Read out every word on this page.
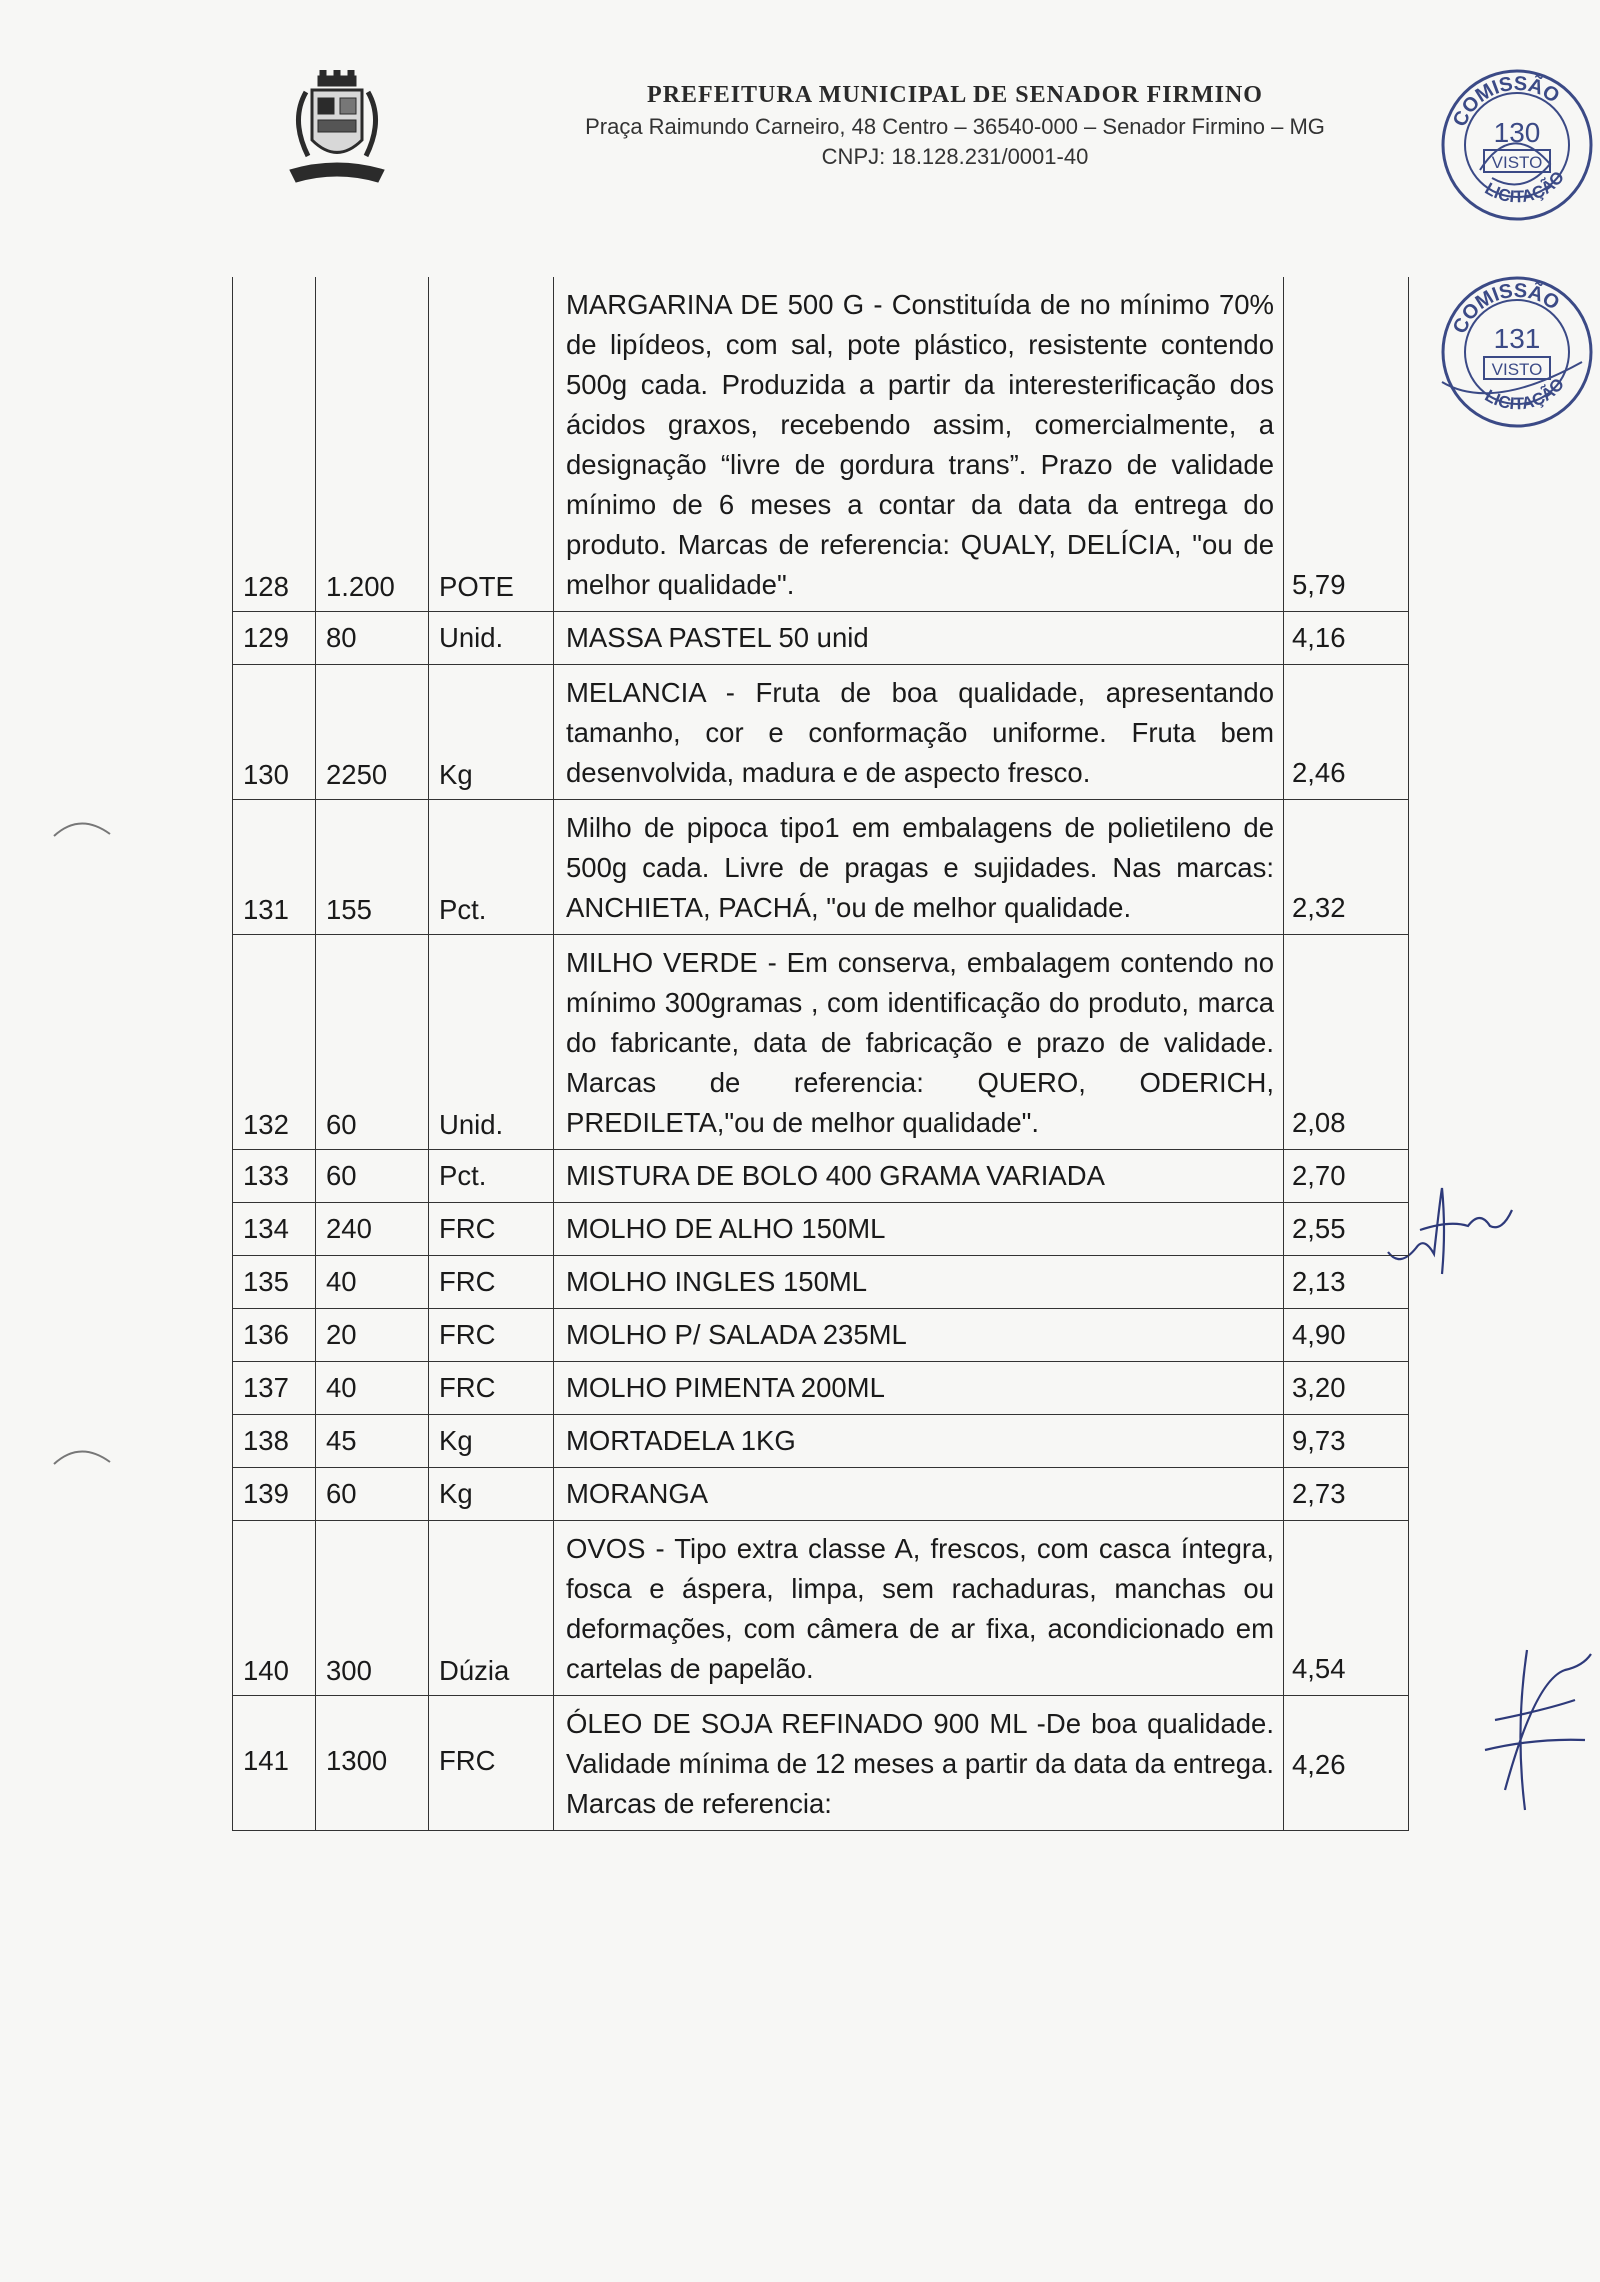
PREFEITURA MUNICIPAL DE SENADOR FIRMINO
Praça Raimundo Carneiro, 48 Centro – 36540-000 – Senador Firmino – MG
CNPJ: 18.128.231/0001-40
COMISSÃO
130
VISTO
LICITAÇÃO
COMISSÃO
131
VISTO
LICITAÇÃO
128	1.200	POTE	MARGARINA DE 500 G - Constituída de no mínimo 70% de lipídeos, com sal, pote plástico, resistente contendo 500g cada. Produzida a partir da interesterificação dos ácidos graxos, recebendo assim, comercialmente, a designação “livre de gordura trans”. Prazo de validade mínimo de 6 meses a contar da data da entrega do produto. Marcas de referencia: QUALY, DELÍCIA, "ou de melhor qualidade".	5,79
129	80	Unid.	MASSA PASTEL 50 unid	4,16
130	2250	Kg	MELANCIA - Fruta de boa qualidade, apresentando tamanho, cor e conformação uniforme. Fruta bem desenvolvida, madura e de aspecto fresco.	2,46
131	155	Pct.	Milho de pipoca tipo1 em embalagens de polietileno de 500g cada. Livre de pragas e sujidades. Nas marcas: ANCHIETA, PACHÁ, "ou de melhor qualidade.	2,32
132	60	Unid.	MILHO VERDE - Em conserva, embalagem contendo no mínimo 300gramas , com identificação do produto, marca do fabricante, data de fabricação e prazo de validade. Marcas de referencia: QUERO, ODERICH, PREDILETA,"ou de melhor qualidade".	2,08
133	60	Pct.	MISTURA DE BOLO 400 GRAMA VARIADA	2,70
134	240	FRC	MOLHO DE ALHO 150ML	2,55
135	40	FRC	MOLHO INGLES 150ML	2,13
136	20	FRC	MOLHO P/ SALADA 235ML	4,90
137	40	FRC	MOLHO PIMENTA 200ML	3,20
138	45	Kg	MORTADELA 1KG	9,73
139	60	Kg	MORANGA	2,73
140	300	Dúzia	OVOS - Tipo extra classe A, frescos, com casca íntegra, fosca e áspera, limpa, sem rachaduras, manchas ou deformações, com câmera de ar fixa, acondicionado em cartelas de papelão.	4,54
141	1300	FRC	ÓLEO DE SOJA REFINADO 900 ML -De boa qualidade. Validade mínima de 12 meses a partir da data da entrega. Marcas de referencia:	4,26
